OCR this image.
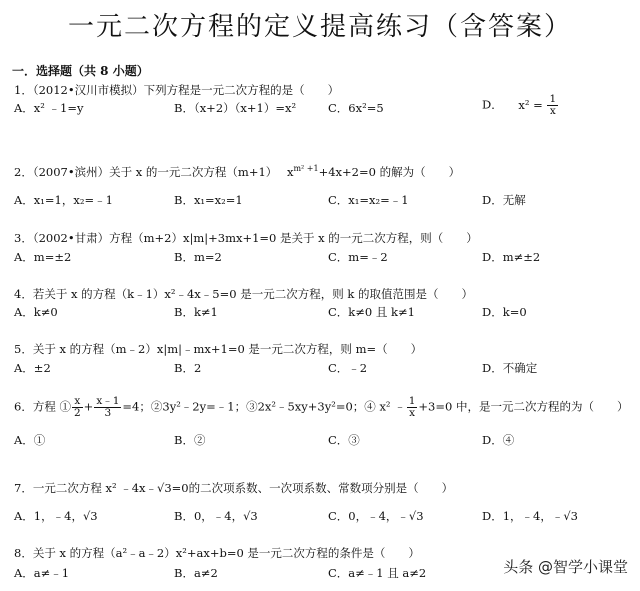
一元二次方程的定义提高练习（含答案）
一．选择题（共 8 小题）
1．（2012•汉川市模拟）下列方程是一元二次方程的是（　　）
A．x² ﹣1=y	B．（x+2）（x+1）=x²	C．6x²=5	D． $x^2 = \frac{1}{x}$
2．（2007•滨州）关于 x 的一元二次方程（m+1） $x^{m^2 +1}+4x+2=0$ 的解为（　　）
A．x₁=1，x₂=﹣1	B．x₁=x₂=1	C．x₁=x₂=﹣1	D．无解
3．（2002•甘肃）方程（m+2）x|m|+3mx+1=0 是关于 x 的一元二次方程，则（　　）
A．m=±2	B．m=2	C．m=﹣2	D．m≠±2
4．若关于 x 的方程（k﹣1）x²﹣4x﹣5=0 是一元二次方程，则 k 的取值范围是（　　）
A．k≠0	B．k≠1	C．k≠0 且 k≠1	D．k=0
5．关于 x 的方程（m﹣2）x|m|﹣mx+1=0 是一元二次方程，则 m=（　　）
A．±2	B．2	C．﹣2	D．不确定
6．方程 ① $\frac{x}{2} + \frac{x﹣1}{3} =4$；②3y²﹣2y=﹣1；③2x²﹣5xy+3y²=0；④ x² ﹣ $\frac{1}{x} +3=0$ 中，是一元二次方程的为（　　）
A．①	B．②	C．③	D．④
7．一元二次方程 x² ﹣4x﹣√3=0的二次项系数、一次项系数、常数项分别是（　　）
A．1，﹣4，√3	B．0，﹣4，√3	C．0，﹣4，﹣√3	D．1，﹣4，﹣√3
8．关于 x 的方程（a²﹣a﹣2）x²+ax+b=0 是一元二次方程的条件是（　　）
A．a≠﹣1	B．a≠2	C．a≠﹣1 且 a≠2	头条 @智学小课堂
